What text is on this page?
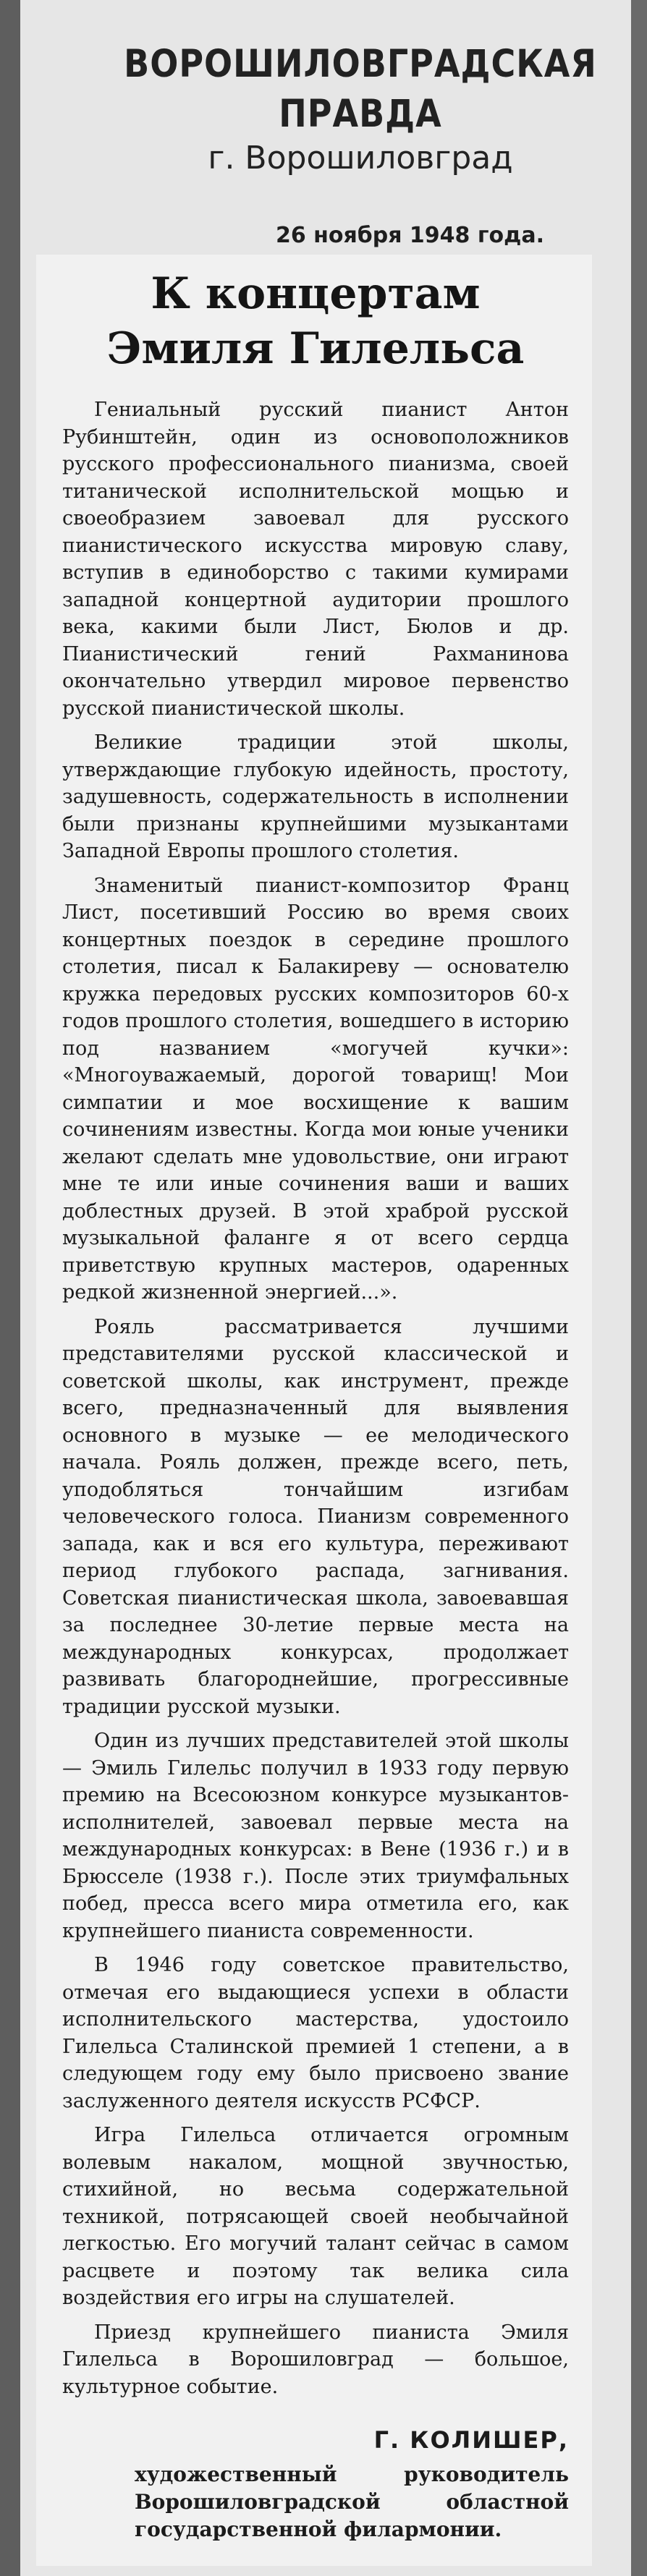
ВОРОШИЛОВГРАДСКАЯ ПРАВДА
г. Ворошиловград
26 ноября 1948 года.
К концертам
Эмиля Гилельса

Гениальный русский пианист Антон Рубинштейн, один из основоположников русского профессионального пианизма, своей титанической исполнительской мощью и своеобразием завоевал для русского пианистического искусства мировую славу, вступив в единоборство с такими кумирами западной концертной аудитории прошлого века, какими были Лист, Бюлов и др. Пианистический гений Рахманинова окончательно утвердил мировое первенство русской пианистической школы.

Великие традиции этой школы, утверждающие глубокую идейность, простоту, задушевность, содержательность в исполнении были признаны крупнейшими музыкантами Западной Европы прошлого столетия.

Знаменитый пианист-композитор Франц Лист, посетивший Россию во время своих концертных поездок в середине прошлого столетия, писал к Балакиреву — основателю кружка передовых русских композиторов 60-х годов прошлого столетия, вошедшего в историю под названием «могучей кучки»: «Многоуважаемый, дорогой товарищ! Мои симпатии и мое восхищение к вашим сочинениям известны. Когда мои юные ученики желают сделать мне удовольствие, они играют мне те или иные сочинения ваши и ваших доблестных друзей. В этой храброй русской музыкальной фаланге я от всего сердца приветствую крупных мастеров, одаренных редкой жизненной энергией...».

Рояль рассматривается лучшими представителями русской классической и советской школы, как инструмент, прежде всего, предназначенный для выявления основного в музыке — ее мелодического начала. Рояль должен, прежде всего, петь, уподобляться тончайшим изгибам человеческого голоса. Пианизм современного запада, как и вся его культура, переживают период глубокого распада, загнивания. Советская пианистическая школа, завоевавшая за последнее 30-летие первые места на международных конкурсах, продолжает развивать благороднейшие, прогрессивные традиции русской музыки.

Один из лучших представителей этой школы — Эмиль Гилельс получил в 1933 году первую премию на Всесоюзном конкурсе музыкантов-исполнителей, завоевал первые места на международных конкурсах: в Вене (1936 г.) и в Брюсселе (1938 г.). После этих триумфальных побед, пресса всего мира отметила его, как крупнейшего пианиста современности.

В 1946 году советское правительство, отмечая его выдающиеся успехи в области исполнительского мастерства, удостоило Гилельса Сталинской премией 1 степени, а в следующем году ему было присвоено звание заслуженного деятеля искусств РСФСР.

Игра Гилельса отличается огромным волевым накалом, мощной звучностью, стихийной, но весьма содержательной техникой, потрясающей своей необычайной легкостью. Его могучий талант сейчас в самом расцвете и поэтому так велика сила воздействия его игры на слушателей.

Приезд крупнейшего пианиста Эмиля Гилельса в Ворошиловград — большое, культурное событие.

Г. КОЛИШЕР,
художественный руководитель Ворошиловградской областной государственной филармонии.
